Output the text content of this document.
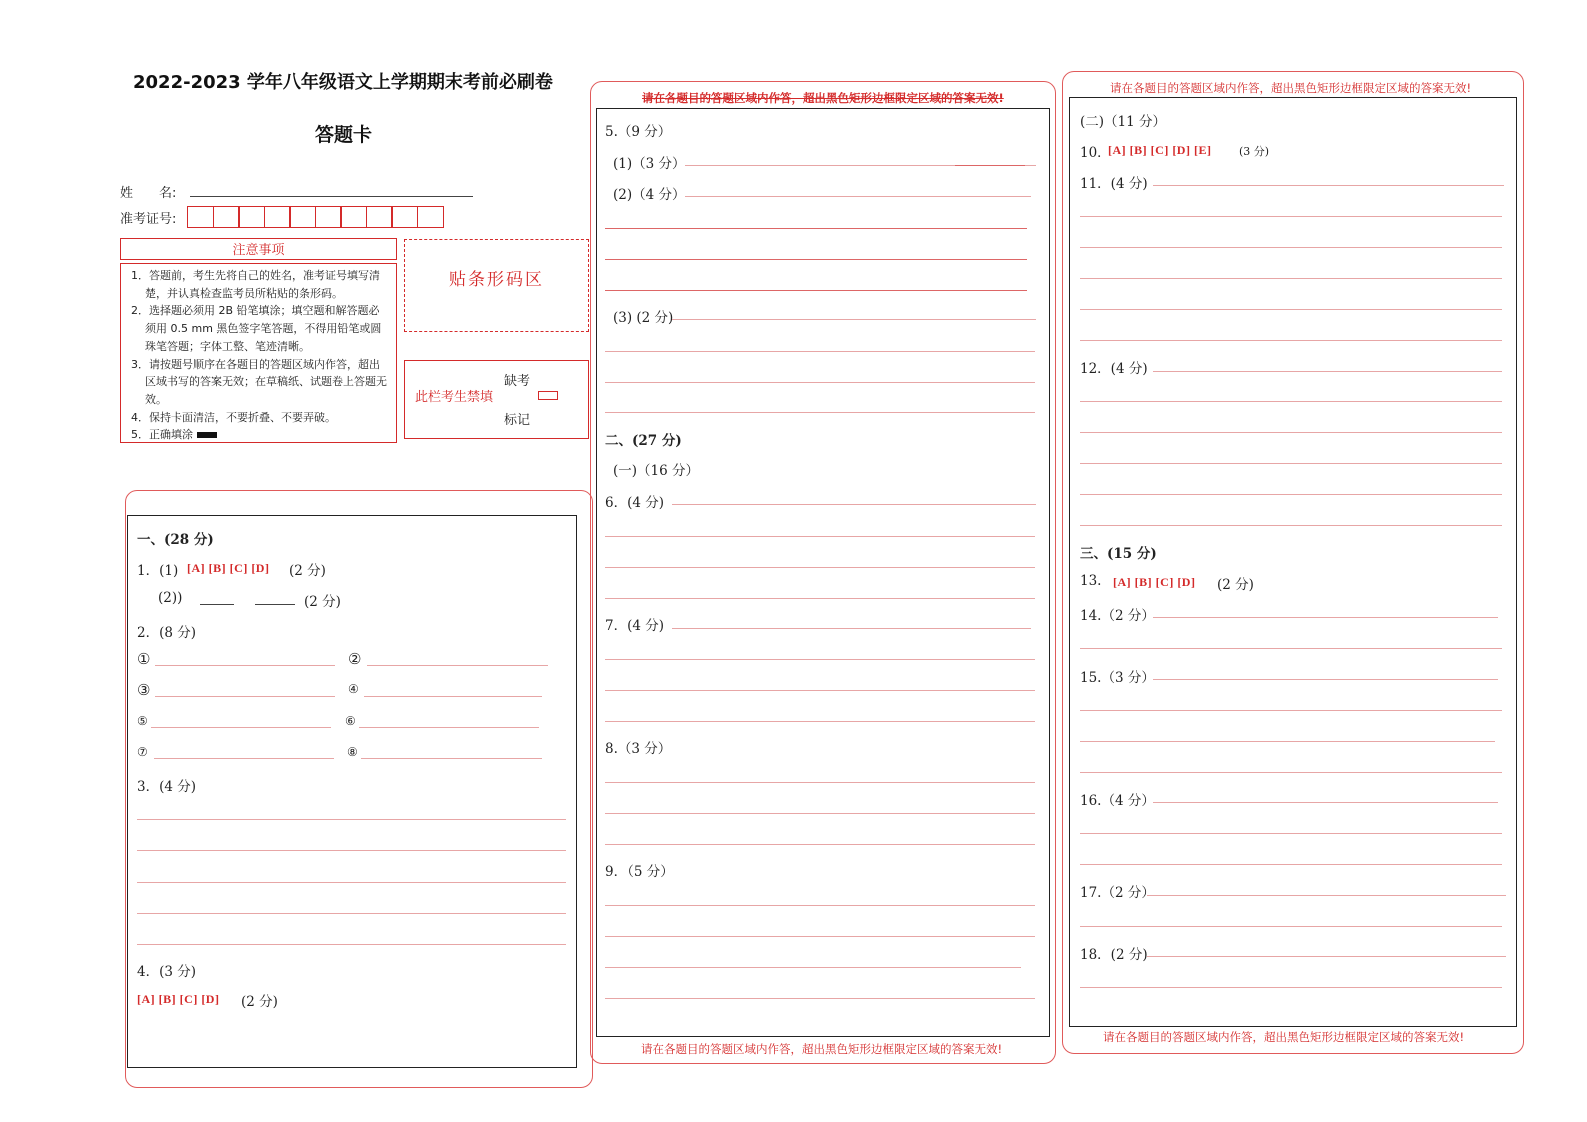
2022-2023 学年八年级语文上学期期末考前必刷卷
答题卡
姓　　名:
准考证号:
注意事项
1．答题前，考生先将自己的姓名，准考证号填写清楚，并认真检查监考员所粘贴的条形码。
2．选择题必须用 2B 铅笔填涂；填空题和解答题必须用 0.5 mm 黑色签字笔答题，不得用铅笔或圆珠笔答题；字体工整、笔迹清晰。
3．请按题号顺序在各题目的答题区域内作答，超出区域书写的答案无效；在草稿纸、试题卷上答题无效。
4．保持卡面清洁，不要折叠、不要弄破。
5．正确填涂
贴条形码区
此栏考生禁填
缺考
标记
一、(28 分)
1．(1) [A] [B] [C] [D] (2 分)
(2))	(2 分)
2．(8 分)
①	②
③	④
⑤	⑥
⑦	⑧
3．(4 分)
4．(3 分)
[A] [B] [C] [D] (2 分)
请在各题目的答题区域内作答，超出黑色矩形边框限定区域的答案无效!
请在各题目的答题区域内作答，超出黑色矩形边框限定区域的答案无效!
5.（9 分）
(1)（3 分）
(2)（4 分）
(3) (2 分)
二、(27 分)
(一)（16 分）
6．(4 分)
7．(4 分)
8.（3 分）
9．（5 分）
请在各题目的答题区域内作答，超出黑色矩形边框限定区域的答案无效!
请在各题目的答题区域内作答，超出黑色矩形边框限定区域的答案无效!
(二)（11 分）
10．
[A] [B] [C] [D] [E]	(3 分)
11．(4 分)
12．(4 分)
三、(15 分)
13. [A] [B] [C] [D] (2 分)
14.（2 分）
15.（3 分）
16.（4 分）
17.（2 分）
18．(2 分)
